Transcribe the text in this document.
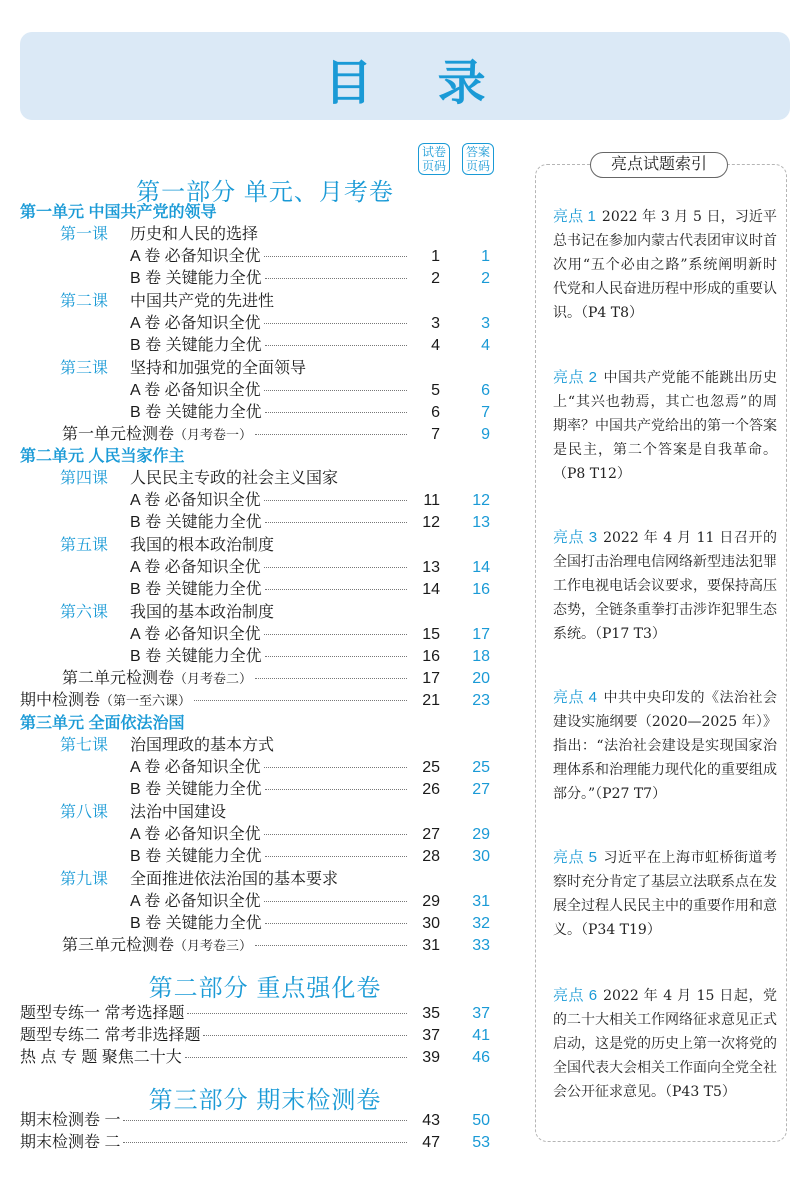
目 录
试卷页码
答案页码
第一部分 单元、月考卷
第一单元 中国共产党的领导
第一课 历史和人民的选择
A 卷 必备知识全优	1	1
B 卷 关键能力全优	2	2
第二课 中国共产党的先进性
A 卷 必备知识全优	3	3
B 卷 关键能力全优	4	4
第三课 坚持和加强党的全面领导
A 卷 必备知识全优	5	6
B 卷 关键能力全优	6	7
第一单元检测卷（月考卷一）	7	9
第二单元 人民当家作主
第四课 人民民主专政的社会主义国家
A 卷 必备知识全优	11	12
B 卷 关键能力全优	12	13
第五课 我国的根本政治制度
A 卷 必备知识全优	13	14
B 卷 关键能力全优	14	16
第六课 我国的基本政治制度
A 卷 必备知识全优	15	17
B 卷 关键能力全优	16	18
第二单元检测卷（月考卷二）	17	20
期中检测卷（第一至六课）	21	23
第三单元 全面依法治国
第七课 治国理政的基本方式
A 卷 必备知识全优	25	25
B 卷 关键能力全优	26	27
第八课 法治中国建设
A 卷 必备知识全优	27	29
B 卷 关键能力全优	28	30
第九课 全面推进依法治国的基本要求
A 卷 必备知识全优	29	31
B 卷 关键能力全优	30	32
第三单元检测卷（月考卷三）	31	33
第二部分 重点强化卷
题型专练一 常考选择题	35	37
题型专练二 常考非选择题	37	41
热 点 专 题 聚焦二十大	39	46
第三部分 期末检测卷
期末检测卷 一	43	50
期末检测卷 二	47	53
亮点试题索引
亮点 1 2022 年 3 月 5 日，习近平总书记在参加内蒙古代表团审议时首次用“五个必由之路”系统阐明新时代党和人民奋进历程中形成的重要认识。（P4 T8）
亮点 2 中国共产党能不能跳出历史上“其兴也勃焉，其亡也忽焉”的周期率？中国共产党给出的第一个答案是民主，第二个答案是自我革命。（P8 T12）
亮点 3 2022 年 4 月 11 日召开的全国打击治理电信网络新型违法犯罪工作电视电话会议要求，要保持高压态势，全链条重拳打击涉诈犯罪生态系统。（P17 T3）
亮点 4 中共中央印发的《法治社会建设实施纲要（2020—2025 年）》指出：“法治社会建设是实现国家治理体系和治理能力现代化的重要组成部分。”（P27 T7）
亮点 5 习近平在上海市虹桥街道考察时充分肯定了基层立法联系点在发展全过程人民民主中的重要作用和意义。（P34 T19）
亮点 6 2022 年 4 月 15 日起，党的二十大相关工作网络征求意见正式启动，这是党的历史上第一次将党的全国代表大会相关工作面向全党全社会公开征求意见。（P43 T5）
